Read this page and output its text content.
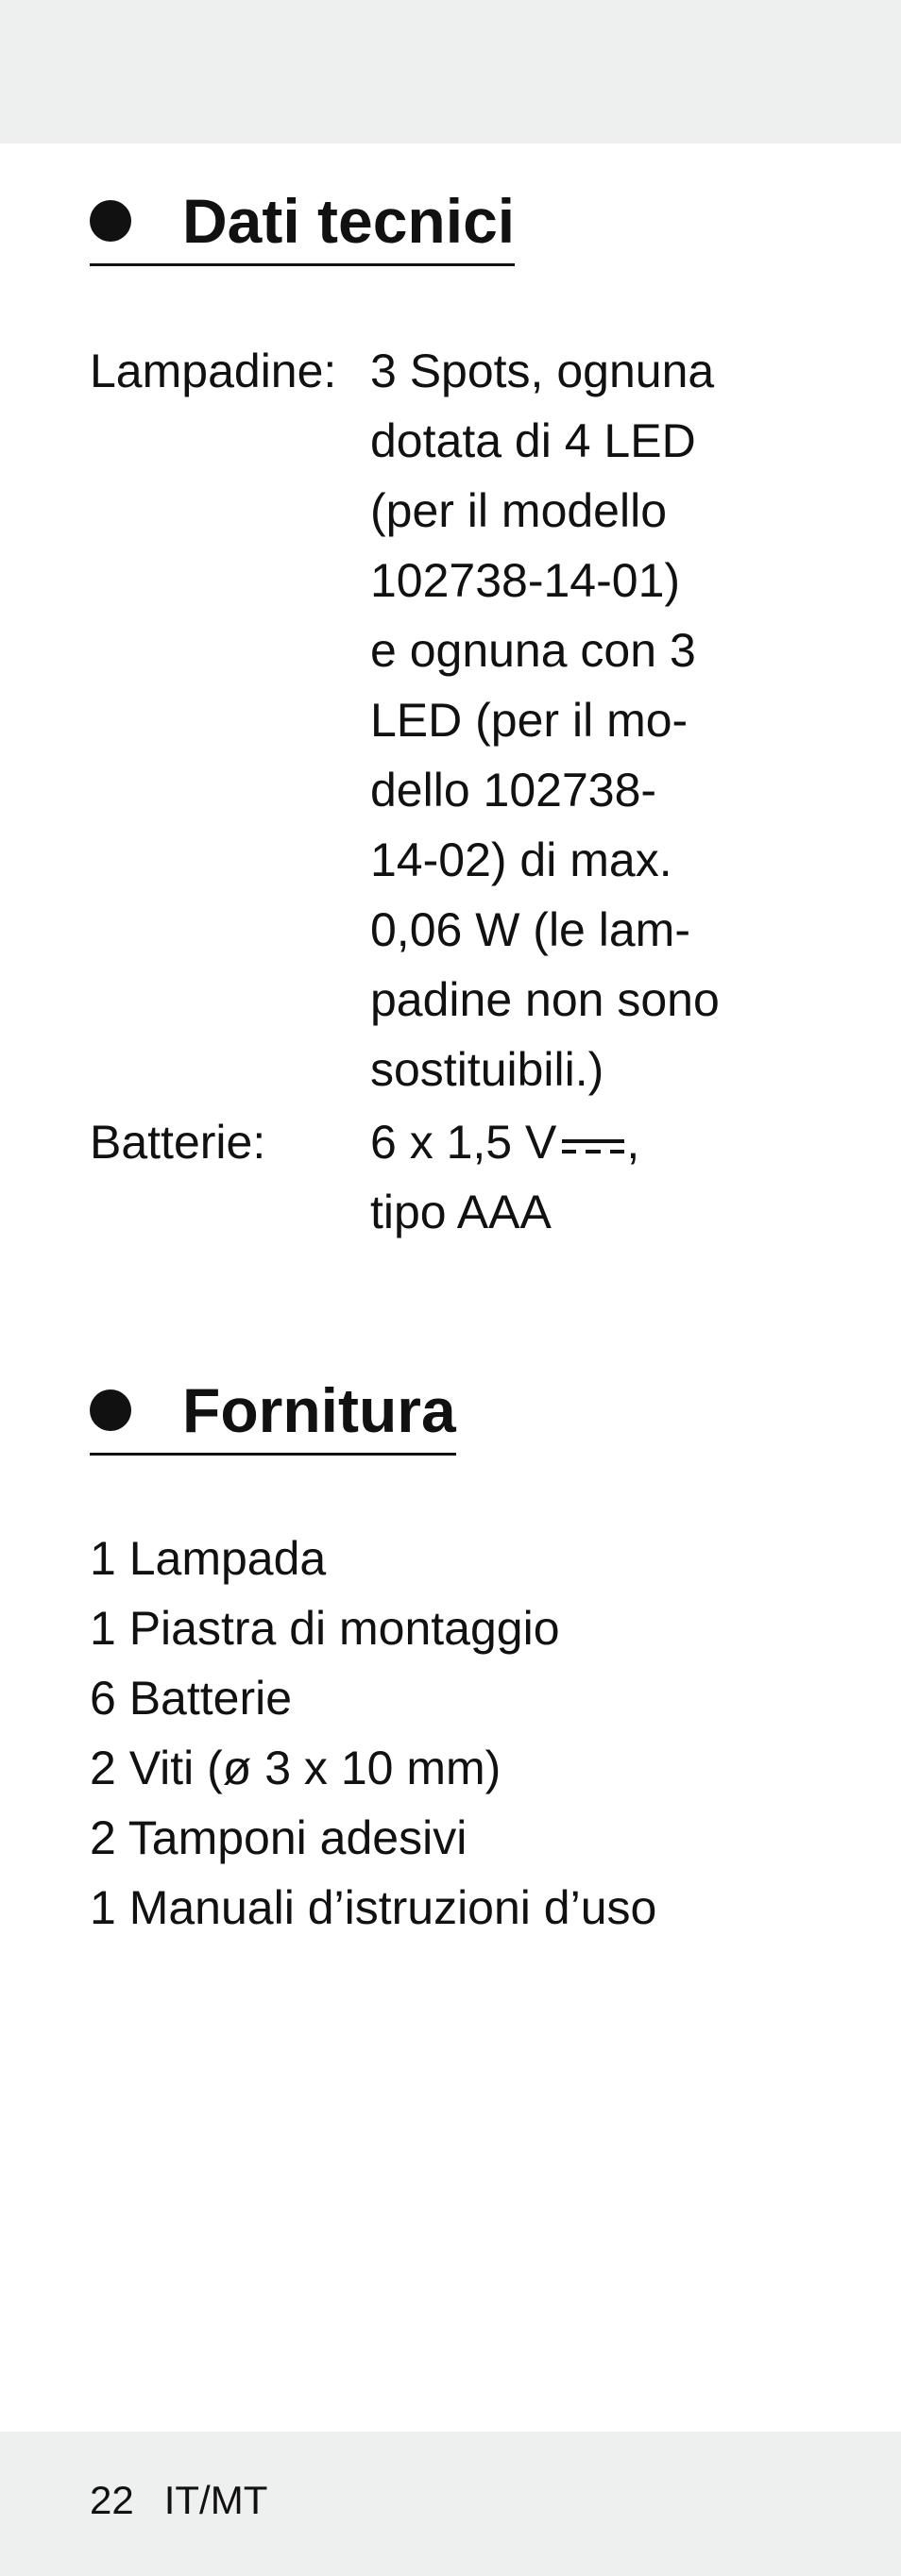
Dati tecnici
Lampadine: 3 Spots, ognuna
dotata di 4 LED
(per il modello
102738-14-01)
e ognuna con 3
LED (per il mo-
dello 102738-
14-02) di max.
0,06 W (le lam-
padine non sono
sostituibili.)
Batterie: 6 x 1,5 V ,
tipo AAA
Fornitura
1 Lampada
1 Piastra di montaggio
6 Batterie
2 Viti (ø 3 x 10 mm)
2 Tamponi adesivi
1 Manuali d’istruzioni d’uso
22 IT/MT
